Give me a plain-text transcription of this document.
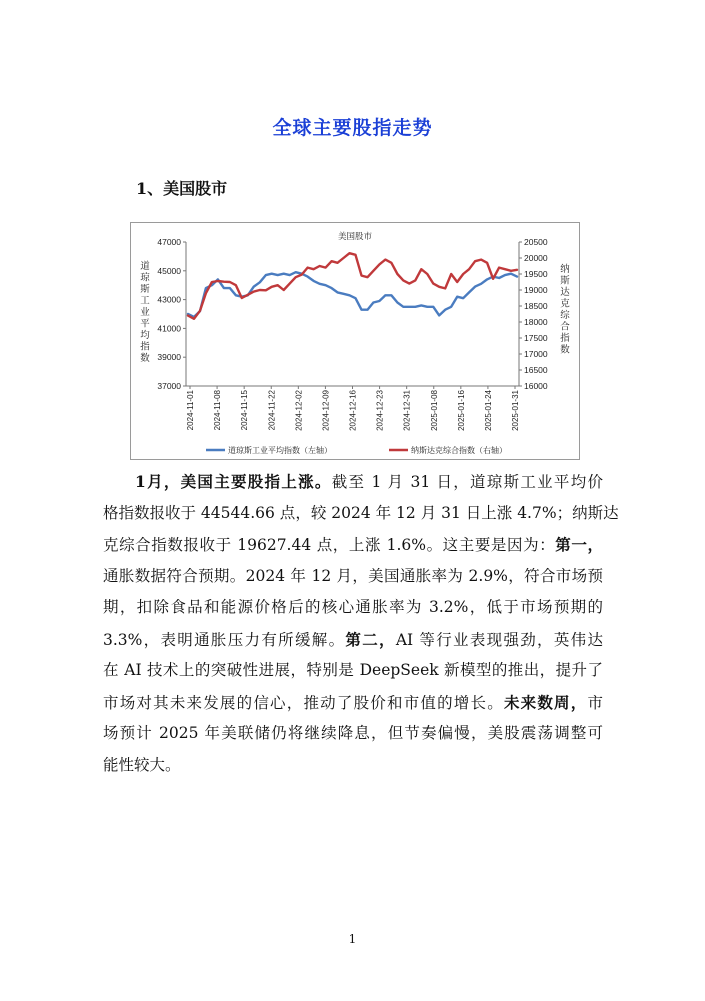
全球主要股指走势
1、美国股市
美国股市
47000
45000
43000
41000
39000
37000
20500
20000
19500
19000
18500
18000
17500
17000
16500
16000
道琼斯工业平均指数
纳斯达克综合指数
2024-11-01 2024-11-08 2024-11-15 2024-11-22 2024-12-02 2024-12-09 2024-12-16 2024-12-23 2024-12-31 2025-01-08 2025-01-16 2025-01-24 2025-01-31
道琼斯工业平均指数（左轴）	纳斯达克综合指数（右轴）
1月，美国主要股指上涨。截至 1 月 31 日，道琼斯工业平均价
格指数报收于 44544.66 点，较 2024 年 12 月 31 日上涨 4.7%；纳斯达
克综合指数报收于 19627.44 点，上涨 1.6%。这主要是因为：第一，
通胀数据符合预期。2024 年 12 月，美国通胀率为 2.9%，符合市场预
期，扣除食品和能源价格后的核心通胀率为 3.2%，低于市场预期的
3.3%，表明通胀压力有所缓解。第二，AI 等行业表现强劲，英伟达
在 AI 技术上的突破性进展，特别是 DeepSeek 新模型的推出，提升了
市场对其未来发展的信心，推动了股价和市值的增长。未来数周，市
场预计 2025 年美联储仍将继续降息，但节奏偏慢，美股震荡调整可
能性较大。
1
